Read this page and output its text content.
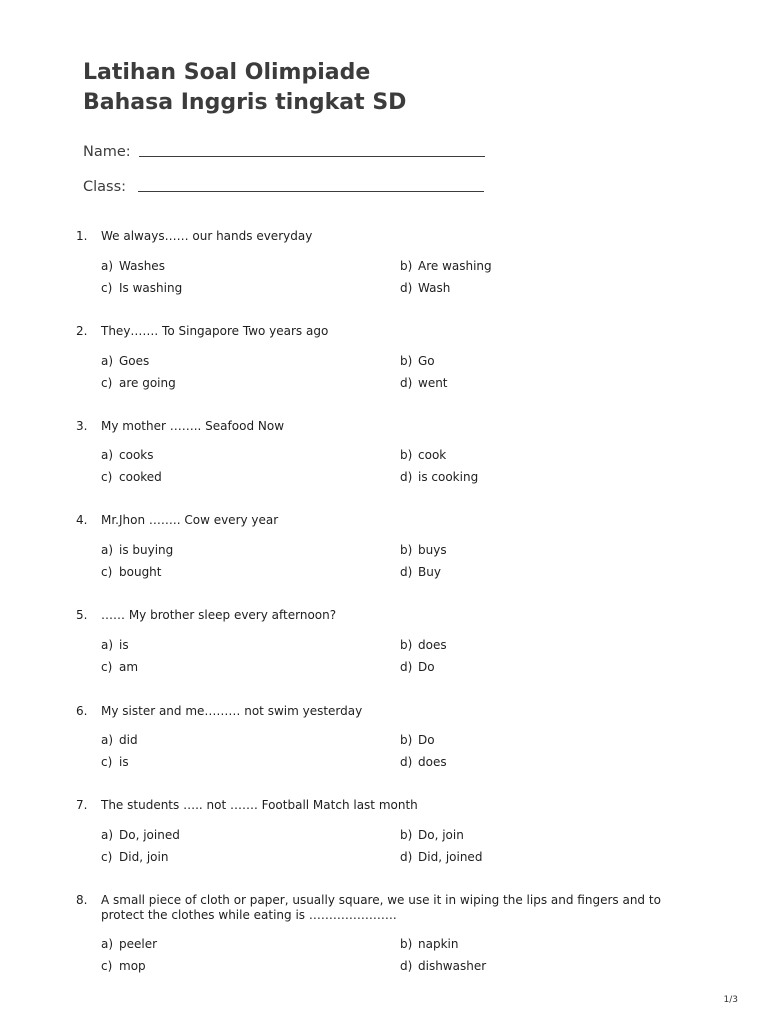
Latihan Soal Olimpiade
Bahasa Inggris tingkat SD
Name:
Class:
1. We always…… our hands everyday
a) Washes	b) Are washing
c) Is washing	d) Wash
2. They……. To Singapore Two years ago
a) Goes	b) Go
c) are going	d) went
3. My mother …….. Seafood Now
a) cooks	b) cook
c) cooked	d) is cooking
4. Mr.Jhon …….. Cow every year
a) is buying	b) buys
c) bought	d) Buy
5. …… My brother sleep every afternoon?
a) is	b) does
c) am	d) Do
6. My sister and me……… not swim yesterday
a) did	b) Do
c) is	d) does
7. The students ….. not ……. Football Match last month
a) Do, joined	b) Do, join
c) Did, join	d) Did, joined
8. A small piece of cloth or paper, usually square, we use it in wiping the lips and fingers and to protect the clothes while eating is ………………….
a) peeler	b) napkin
c) mop	d) dishwasher
1/3
